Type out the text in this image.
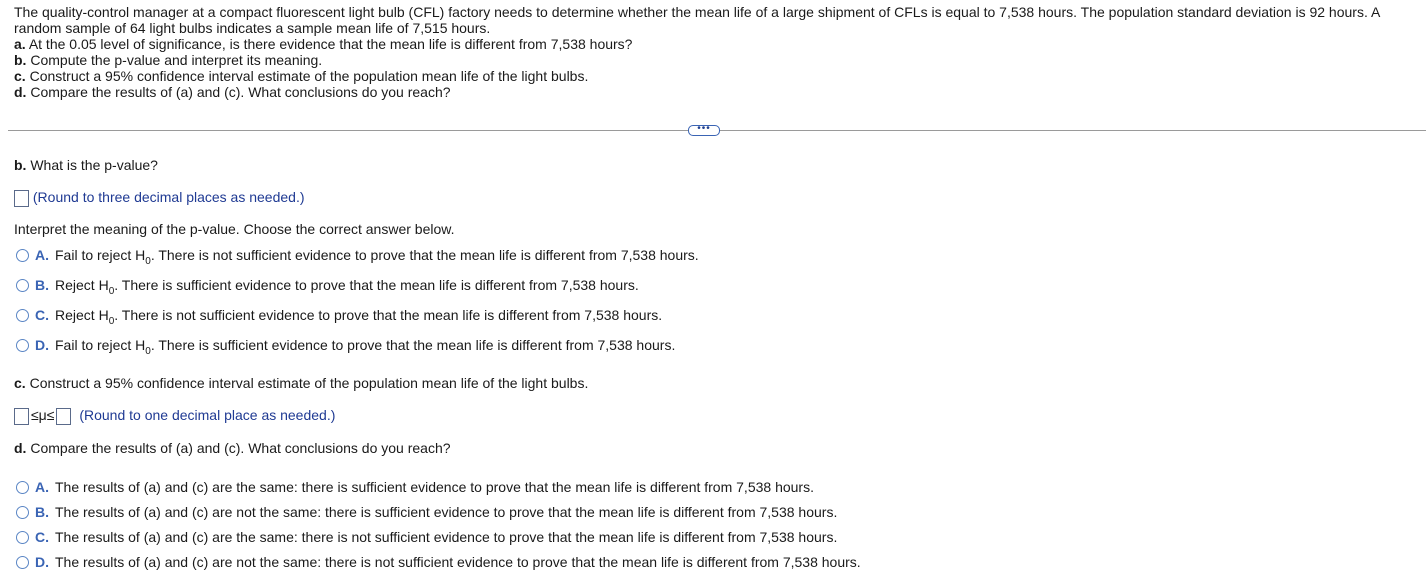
The quality-control manager at a compact fluorescent light bulb (CFL) factory needs to determine whether the mean life of a large shipment of CFLs is equal to 7,538 hours. The population standard deviation is 92 hours. A random sample of 64 light bulbs indicates a sample mean life of 7,515 hours.

a. At the 0.05 level of significance, is there evidence that the mean life is different from 7,538 hours?

b. Compute the p-value and interpret its meaning.

c. Construct a 95% confidence interval estimate of the population mean life of the light bulbs.

d. Compare the results of (a) and (c). What conclusions do you reach?

•••
b. What is the p-value?
(Round to three decimal places as needed.)
Interpret the meaning of the p-value. Choose the correct answer below.
A. Fail to reject $H_0$. There is not sufficient evidence to prove that the mean life is different from 7,538 hours.
B. Reject $H_0$. There is sufficient evidence to prove that the mean life is different from 7,538 hours.
C. Reject $H_0$. There is not sufficient evidence to prove that the mean life is different from 7,538 hours.
D. Fail to reject $H_0$. There is sufficient evidence to prove that the mean life is different from 7,538 hours.
c. Construct a 95% confidence interval estimate of the population mean life of the light bulbs.
≤μ≤ (Round to one decimal place as needed.)
d. Compare the results of (a) and (c). What conclusions do you reach?
A. The results of (a) and (c) are the same: there is sufficient evidence to prove that the mean life is different from 7,538 hours.
B. The results of (a) and (c) are not the same: there is sufficient evidence to prove that the mean life is different from 7,538 hours.
C. The results of (a) and (c) are the same: there is not sufficient evidence to prove that the mean life is different from 7,538 hours.
D. The results of (a) and (c) are not the same: there is not sufficient evidence to prove that the mean life is different from 7,538 hours.
